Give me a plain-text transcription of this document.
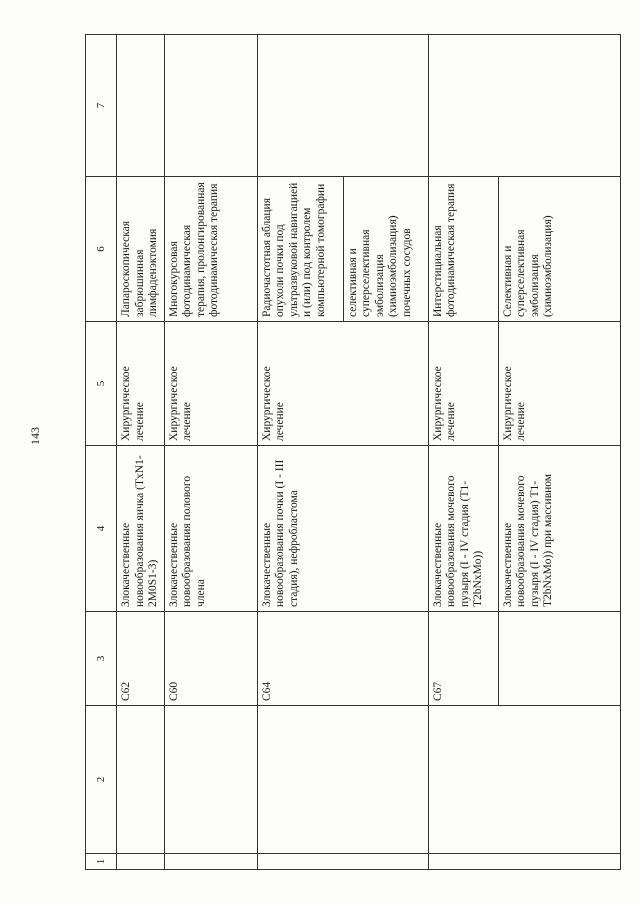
143
1	2	3	4	5	6	7
		C62	Злокачественные новообразования яичка (TxN1-2M0S1-3)	Хирургическое лечение	Лапароскопическая забрюшинная лимфаденэктомия	
		C60	Злокачественные новообразования полового члена	Хирургическое лечение	Многокурсовая фотодинамическая терапия, пролонгированная фотодинамическая терапия	
		C64	Злокачественные новообразования почки (I - III стадия), нефробластома	Хирургическое лечение	Радиочастотная аблация опухоли почки под ультразвуковой навигацией и (или) под контролем компьютерной томографии	
					селективная и суперселективная эмболизация (химиоэмболизация) почечных сосудов	
		C67	Злокачественные новообразования мочевого пузыря (I - IV стадия (T1-T2bNxMo))	Хирургическое лечение	Интерстициальная фотодинамическая терапия	
			Злокачественные новообразования мочевого пузыря (I - IV стадия) T1-T2bNxMo)) при массивном	Хирургическое лечение	Селективная и суперселективная эмболизация (химиоэмболизация)	
